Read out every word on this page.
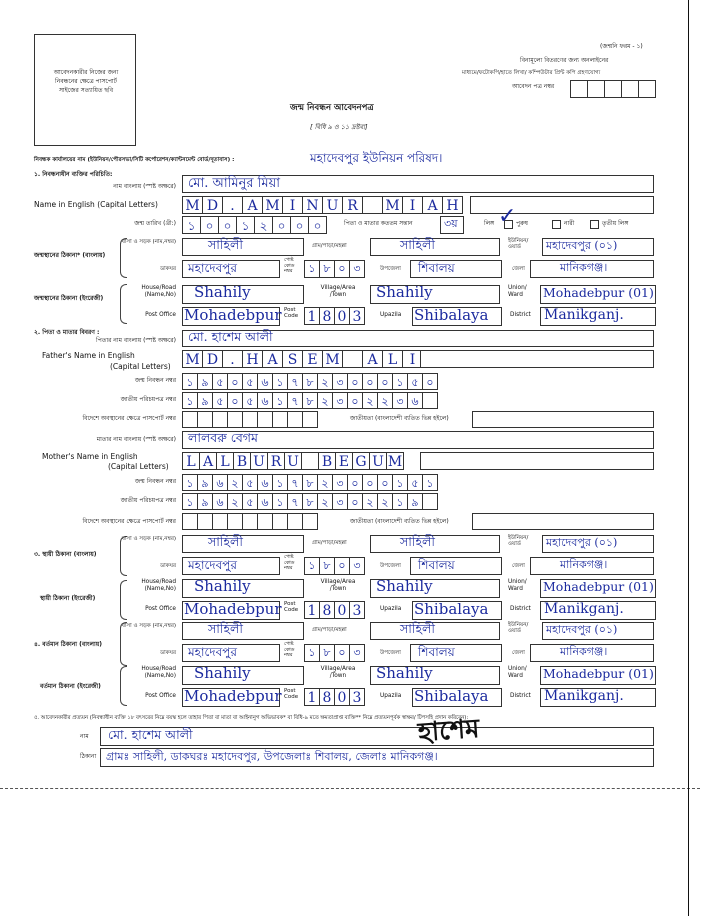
আবেদনকারীর নিজের জন্য নিবন্ধনের ক্ষেত্রে পাসপোর্ট সাইজের সত্যায়িত ছবি
(জন্মনি ফরম - ১)
বিনামূল্যে বিতরণের জন্য অনলাইনের
মাধ্যমে/ফটোকপি/হাতে লিখা/ কম্পিউটার প্রিন্ট কপি গ্রহণযোগ্য
আবেদন পত্র নম্বর
জন্ম নিবন্ধন আবেদনপত্র
[ বিধি ৯ ও ১১ দ্রষ্টব্য]
নিবন্ধক কার্যালয়ের নাম (ইউনিয়ন/পৌরসভা/সিটি কর্পোরেশন/ক্যান্টনমেন্ট বোর্ড/দূতাবাস) :	মহাদেবপুর ইউনিয়ন পরিষদ।
১. নিবন্ধনাধীন ব্যক্তির পরিচিতি:
নাম বাংলায় (স্পষ্ট অক্ষরে) মো. আমিনুর মিয়া
Name in English (Capital Letters) M D . A M I N U R	M I A H
জন্ম তারিখ (খ্রী:) ১ ০ ০ ১ ২ ০ ০ ০	পিতা ও মাতার কততম সন্তান	৩য়	লিঙ্গ ✓ পুরুষ	নারী	তৃতীয় লিঙ্গ
জন্মস্থানের ঠিকানা* (বাংলায়)
বাসা ও সড়ক (নাম,নম্বর)	সাহিলী	গ্রাম/পাড়া/মহল্লা	সাহিলী	ইউনিয়ন/ ওয়ার্ড	মহাদেবপুর (০১)
ডাকঘর মহাদেবপুর
পোষ্ট কোড নম্বর	১ ৮ ০ ৩	উপজেলা শিবালয়	জেলা	মানিকগঞ্জ।
জন্মস্থানের ঠিকানা (ইংরেজী)
House/Road (Name,No) Shahily	Village/Area /Town	Shahily	Union/ Ward	Mohadebpur (01)
Post Office Mohadebpur Post Code 1 8 0 3	Upazila Shibalaya	District Manikganj.
২. পিতা ও মাতার বিবরণ :
পিতার নাম বাংলায় (স্পষ্ট অক্ষরে) মো. হাশেম আলী
Father's Name in English
(Capital Letters) M D . H A S E M	A L I
জন্ম নিবন্ধন নম্বর ১ ৯ ৫ ০ ৫ ৬ ১ ৭ ৮ ২ ৩ ০ ০ ০ ১ ৫ ০
জাতীয় পরিচয়পত্র নম্বর ১ ৯ ৫ ০ ৫ ৬ ১ ৭ ৮ ২ ৩ ০ ২ ২ ৩ ৬
বিদেশে অবস্থানের ক্ষেত্রে পাসপোর্ট নম্বর	জাতীয়তা (বাংলাদেশী ব্যতিত ভিন্ন হইলে)
মাতার নাম বাংলায় (স্পষ্ট অক্ষরে) লালবরু বেগম
Mother's Name in English
(Capital Letters)	L A L B U R U B E G U M
জন্ম নিবন্ধন নম্বর ১ ৯ ৬ ২ ৫ ৬ ১ ৭ ৮ ২ ৩ ০ ০ ০ ১ ৫ ১
জাতীয় পরিচয়পত্র নম্বর ১ ৯ ৬ ২ ৫ ৬ ১ ৭ ৮ ২ ৩ ০ ২ ২ ১ ৯
বিদেশে অবস্থানের ক্ষেত্রে পাসপোর্ট নম্বর	জাতীয়তা (বাংলাদেশী ব্যতিত ভিন্ন হইলে)
৩. স্থায়ী ঠিকানা (বাংলায়)
বাসা ও সড়ক (নাম,নম্বর)	সাহিলী	গ্রাম/পাড়া/মহল্লা	সাহিলী	ইউনিয়ন/ ওয়ার্ড	মহাদেবপুর (০১)
ডাকঘর মহাদেবপুর
পোষ্ট কোড নম্বর	১ ৮ ০ ৩	উপজেলা শিবালয়	জেলা	মানিকগঞ্জ।
স্থায়ী ঠিকানা (ইংরেজী)
House/Road (Name,No) Shahily	Village/Area /Town	Shahily	Union/ Ward	Mohadebpur (01)
Post Office Mohadebpur Post Code 1 8 0 3	Upazila Shibalaya	District Manikganj.
৪. বর্তমান ঠিকানা (বাংলায়)
বাসা ও সড়ক (নাম,নম্বর)	সাহিলী	গ্রাম/পাড়া/মহল্লা	সাহিলী	ইউনিয়ন/ ওয়ার্ড	মহাদেবপুর (০১)
ডাকঘর মহাদেবপুর
পোষ্ট কোড নম্বর	১ ৮ ০ ৩	উপজেলা শিবালয়	জেলা	মানিকগঞ্জ।
বর্তমান ঠিকানা (ইংরেজী)
House/Road (Name,No) Shahily	Village/Area /Town	Shahily	Union/ Ward	Mohadebpur (01)
Post Office Mohadebpur Post Code 1 8 0 3	Upazila Shibalaya	District Manikganj.
৫. আবেদনকারীর প্রত্যয়ন (নিবন্ধাধীন ব্যক্তি ১৮ বৎসরের নিম্নে বয়স্ক হলে তাহার পিতা বা মাতা বা আইনানুগ অভিভাবক* বা বিধি-৯ মতে ক্ষমতাপ্রাপ্ত ব্যক্তি** নিম্নে প্রত্যয়নপূর্বক স্বাক্ষর/ টিপসহি প্রদান করিবেন):
নাম মো. হাশেম আলী	হাশেম
ঠিকানা গ্রামঃ সাহিলী, ডাকঘরঃ মহাদেবপুর, উপজেলাঃ শিবালয়, জেলাঃ মানিকগঞ্জ।
